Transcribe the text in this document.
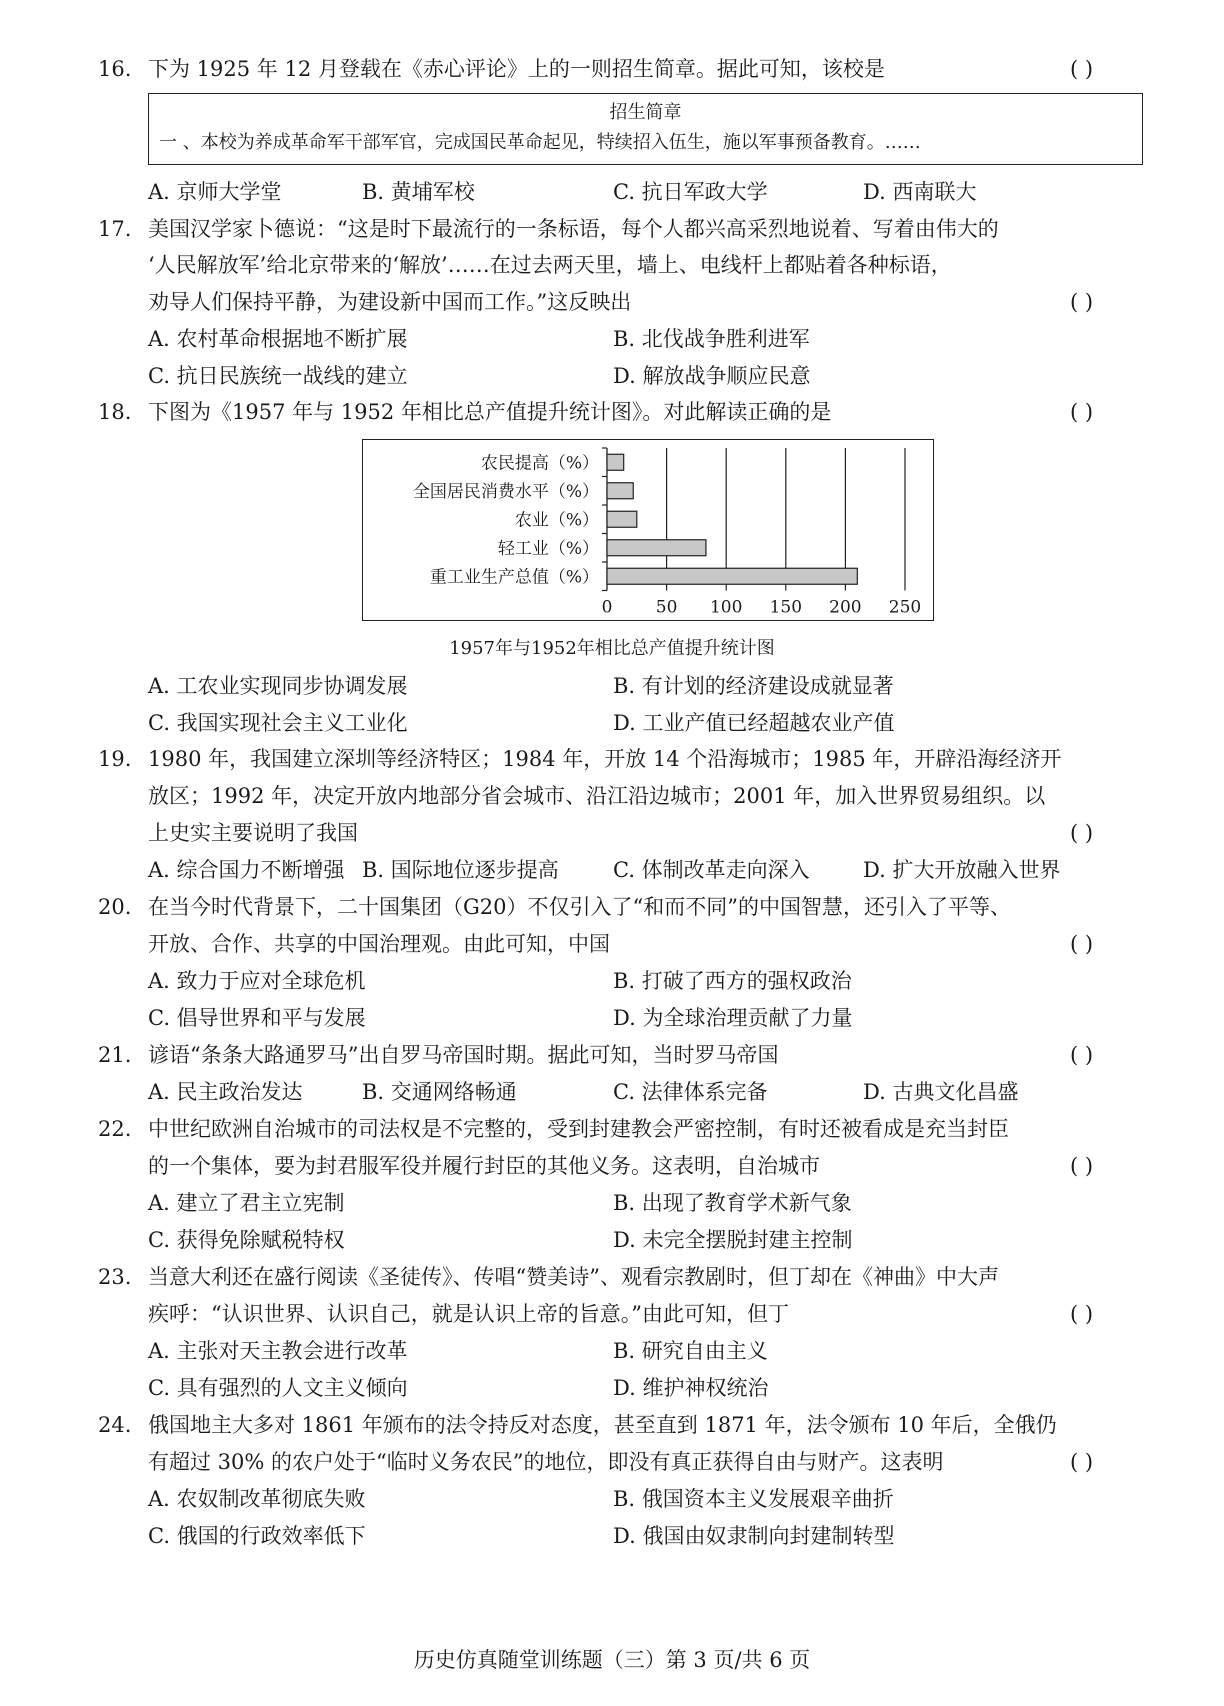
16. 下为 1925 年 12 月登载在《赤心评论》上的一则招生简章。据此可知，该校是	( )
招生简章
一 、本校为养成革命军干部军官，完成国民革命起见，特续招入伍生，施以军事预备教育。……
A. 京师大学堂	B. 黄埔军校	C. 抗日军政大学	D. 西南联大
17. 美国汉学家卜德说：“这是时下最流行的一条标语，每个人都兴高采烈地说着、写着由伟大的
‘人民解放军’给北京带来的‘解放’……在过去两天里，墙上、电线杆上都贴着各种标语，
劝导人们保持平静，为建设新中国而工作。”这反映出	( )
A. 农村革命根据地不断扩展	B. 北伐战争胜利进军
C. 抗日民族统一战线的建立	D. 解放战争顺应民意
18. 下图为《1957 年与 1952 年相比总产值提升统计图》。对此解读正确的是	( )
农民提高（%）
全国居民消费水平（%）
农业（%）
轻工业（%）
重工业生产总值（%）
0	50 100 150 200 250
1957年与1952年相比总产值提升统计图
A. 工农业实现同步协调发展	B. 有计划的经济建设成就显著
C. 我国实现社会主义工业化	D. 工业产值已经超越农业产值
19. 1980 年，我国建立深圳等经济特区；1984 年，开放 14 个沿海城市；1985 年，开辟沿海经济开
放区；1992 年，决定开放内地部分省会城市、沿江沿边城市；2001 年，加入世界贸易组织。以
上史实主要说明了我国	( )
A. 综合国力不断增强 B. 国际地位逐步提高	C. 体制改革走向深入	D. 扩大开放融入世界
20. 在当今时代背景下，二十国集团（G20）不仅引入了“和而不同”的中国智慧，还引入了平等、
开放、合作、共享的中国治理观。由此可知，中国	( )
A. 致力于应对全球危机	B. 打破了西方的强权政治
C. 倡导世界和平与发展	D. 为全球治理贡献了力量
21. 谚语“条条大路通罗马”出自罗马帝国时期。据此可知，当时罗马帝国	( )
A. 民主政治发达	B. 交通网络畅通	C. 法律体系完备	D. 古典文化昌盛
22. 中世纪欧洲自治城市的司法权是不完整的，受到封建教会严密控制，有时还被看成是充当封臣
的一个集体，要为封君服军役并履行封臣的其他义务。这表明，自治城市	( )
A. 建立了君主立宪制	B. 出现了教育学术新气象
C. 获得免除赋税特权	D. 未完全摆脱封建主控制
23. 当意大利还在盛行阅读《圣徒传》、传唱“赞美诗”、观看宗教剧时，但丁却在《神曲》中大声
疾呼：“认识世界、认识自己，就是认识上帝的旨意。”由此可知，但丁	( )
A. 主张对天主教会进行改革	B. 研究自由主义
C. 具有强烈的人文主义倾向	D. 维护神权统治
24. 俄国地主大多对 1861 年颁布的法令持反对态度，甚至直到 1871 年，法令颁布 10 年后，全俄仍
有超过 30% 的农户处于“临时义务农民”的地位，即没有真正获得自由与财产。这表明	( )
A. 农奴制改革彻底失败	B. 俄国资本主义发展艰辛曲折
C. 俄国的行政效率低下	D. 俄国由奴隶制向封建制转型
历史仿真随堂训练题（三）第 3 页/共 6 页
